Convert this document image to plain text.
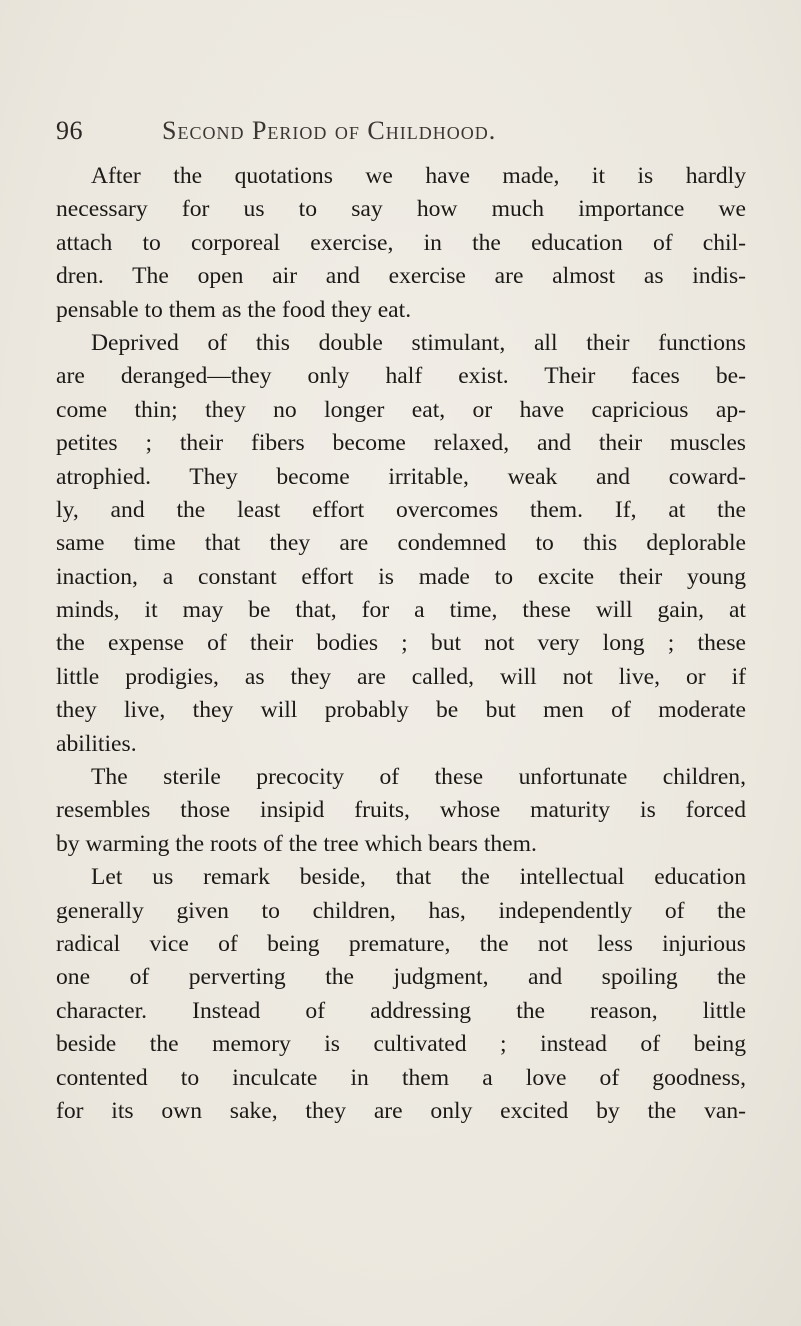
96	Second Period of Childhood.
After the quotations we have made, it is hardly
necessary for us to say how much importance we
attach to corporeal exercise, in the education of chil-
dren. The open air and exercise are almost as indis-
pensable to them as the food they eat.
Deprived of this double stimulant, all their functions
are deranged—they only half exist. Their faces be-
come thin; they no longer eat, or have capricious ap-
petites ; their fibers become relaxed, and their muscles
atrophied. They become irritable, weak and coward-
ly, and the least effort overcomes them. If, at the
same time that they are condemned to this deplorable
inaction, a constant effort is made to excite their young
minds, it may be that, for a time, these will gain, at
the expense of their bodies ; but not very long ; these
little prodigies, as they are called, will not live, or if
they live, they will probably be but men of moderate
abilities.
The sterile precocity of these unfortunate children,
resembles those insipid fruits, whose maturity is forced
by warming the roots of the tree which bears them.
Let us remark beside, that the intellectual education
generally given to children, has, independently of the
radical vice of being premature, the not less injurious
one of perverting the judgment, and spoiling the
character. Instead of addressing the reason, little
beside the memory is cultivated ; instead of being
contented to inculcate in them a love of goodness,
for its own sake, they are only excited by the van-
